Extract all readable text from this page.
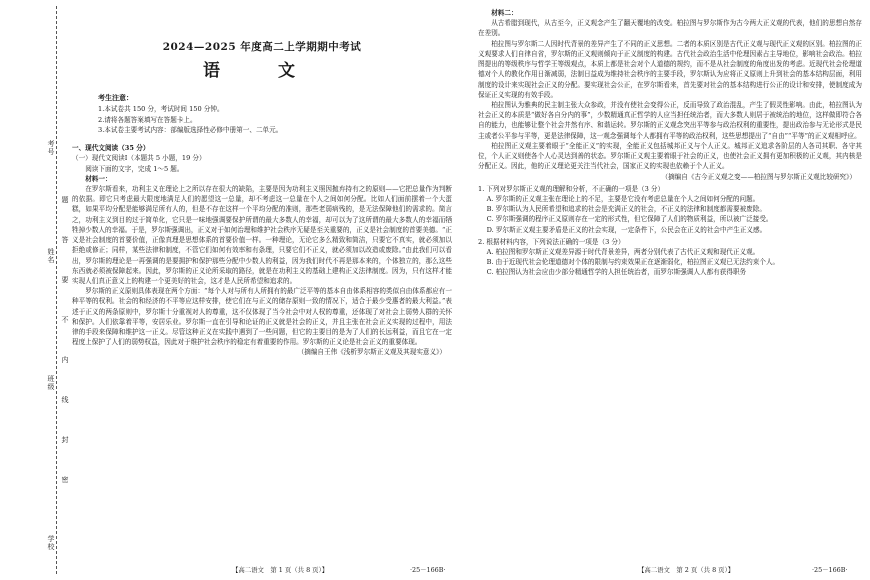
考号
姓名
班级
学校
题
答
要
不
内
线
封
密
2024—2025 年度高二上学期期中考试
语 文
考生注意：
1.本试卷共 150 分，考试时间 150 分钟。
2.请将各题答案填写在答题卡上。
3.本试卷主要考试内容：部编版选择性必修中册第一、二单元。
一、现代文阅读（35 分）
（一）现代文阅读Ⅰ（本题共 5 小题，19 分）
阅读下面的文字，完成 1～5 题。
材料一：
在罗尔斯看来，功利主义在理论上之所以存在很大的缺陷，主要是因为功利主义照因抛弃持有之的原则——它把总量作为判断的依据。即它只考虑最大限度地满足人们的愿望这一总量，却不考虑这一总量在个人之间如何分配。比如人们面前摆着一个大蛋糕，如果平均分配是能够满足所有人的，但是不存在这样一个平均分配的准则，那些老弱病残的，是无法保障他们的需求的。简言之，功利主义到目的过于简单化，它只是一味地强调要保护所谓的最大多数人的幸福，却可以为了这所谓的最大多数人的幸福而牺牲掉少数人的幸福。于是，罗尔斯强调出，正义对于如何治理和维护社会秩序无疑是至关重要的，正义是社会制度的首要美德。“正义是社会制度的首要价值，正像真理是思想体系的首要价值一样。一种理论，无论它多么精致和简洁，只要它不真实，就必须加以拒绝或修正；同样，某些法律和制度，不管它们如何有效率和有条理，只要它们不正义，就必须加以改造或废除。”由此我们可以看出，罗尔斯的理论是一再强调的是要拥护和保护那些分配中少数人的利益，因为我们时代不再是那本来的，个体独立的，那么这些东西就必须被保障起来。因此，罗尔斯的正义论所采取的路径，就是在功利主义的基础上建构正义法律制度。因为，只有这样才能实现人们真正意义上的构建一个更美好的社会，这才是人民所希望和追求的。
罗尔斯的正义原则具体表现在两个方面：“每个人对与所有人所拥有的最广泛平等的基本自由体系相容的类似自由体系都应有一种平等的权利。社会的和经济的不平等应这样安排，使它们在与正义的储存原则一致的情况下，适合于最少受惠者的最大利益。”表述于正义的两条原则中，罗尔斯十分重视对人的尊重，这不仅体现了当今社会中对人权的尊重，还体现了对社会上弱势人群的关怀和保护。人们依靠着平等，安居乐业。罗尔斯一直在引导和论证的正义就是社会的正义，并且主张在社会正义实现的过程中，用法律的手段来保障和维护这一正义。尽管这种正义在实践中遇到了一些问题，但它的主要目的是为了人们的长远利益，而且它在一定程度上保护了人们的弱势权益，因此对于维护社会秩序的稳定有着重要的作用。罗尔斯的正义论是社会正义的重要体现。
（摘编自王伟《浅析罗尔斯正义观及其现实意义》）
材料二：
从古希腊到现代，从古至今，正义观念产生了翻天覆地的改变。柏拉图与罗尔斯作为古今两大正义观的代表，他们的思想自然存在差别。
柏拉图与罗尔斯二人因时代背景的差异产生了不同的正义思想。二者的本质区别是古代正义观与现代正义观的区别。柏拉图的正义观要求人们自律自省，罗尔斯的正义观则倾向于正义制度的构建。古代社会政治生活中伦理因素占主导地位，影响社会政治。柏拉图提出的等级秩序与哲学王等级观点，本质上都是社会对个人道德的规约，而不是从社会制度的角度出发的考虑。近现代社会伦理道德对个人的教化作用日渐减弱，法制日益成为维持社会秩序的主要手段，罗尔斯认为应将正义原则上升到社会的基本结构层面，利用制度的设计来实现社会正义的分配。要实现社会公正，在罗尔斯看来，首先要对社会的基本结构进行公正的设计和安排，使制度成为保证正义实现的有效手段。
柏拉图认为雅典的民主制主张大众参政，并没有使社会变得公正，反而导致了政治混乱，产生了假灵性影响。由此，柏拉图认为社会正义的本质是“做好各自分内的事”，少数精通真正哲学的人应当担任统治者，而大多数人则居于被统治的地位，这样做即符合各自的能力，也能够让整个社会井然有序、和谐运转。罗尔斯的正义观念突出平等参与政治权利的重要性，提出政治参与无论形式是民主或者公平参与平等，更是法律保障，这一观念强调每个人都拥有平等的政治权利，这些思想提出了“自由”“平等”的正义观相呼应。
柏拉图正义观主要着眼于“全能正义”的实现，全能正义包括城邦正义与个人正义。城邦正义追求各阶层的人各司其职、各守其位，个人正义则使各个人心灵达到善的状态。罗尔斯正义观主要着眼于社会的正义，也使社会正义拥有更加积极的正义观，其内核是分配正义。因此，他的正义理论更关注当代社会，国家正义的实现也依赖于个人正义。
（摘编自《古今正义观之变——柏拉图与罗尔斯正义观比较研究》）
1. 下列对罗尔斯正义观的理解和分析，不正确的一项是（3 分）
A. 罗尔斯的正义观主张在理论上的不足，主要是它没有考虑总量在个人之间如何分配的问题。
B. 罗尔斯认为人民所希望和追求的社会是充满正义的社会，不正义的法律和制度都需要被废除。
C. 罗尔斯强调的程序正义原则存在一定的形式性，但它保障了人们的物质利益，所以被广泛接受。
D. 罗尔斯正义观主要矛盾是正义的社会实现，一定条件下，公民会在正义的社会中产生正义感。
2. 根据材料内容，下列说法正确的一项是（3 分）
A. 柏拉图和罗尔斯正义观差异源于时代背景差异，两者分别代表了古代正义观和现代正义观。
B. 由于近现代社会伦理道德对个体的限制与约束效果正在逐渐弱化，柏拉图正义观已无法约束个人。
C. 柏拉图认为社会应由少部分精通哲学的人担任统治者，而罗尔斯强调人人都有获得职务
【高二语文　第 1 页（共 8 页）】	·25－166B·	【高二语文　第 2 页（共 8 页）】	·25－166B·
